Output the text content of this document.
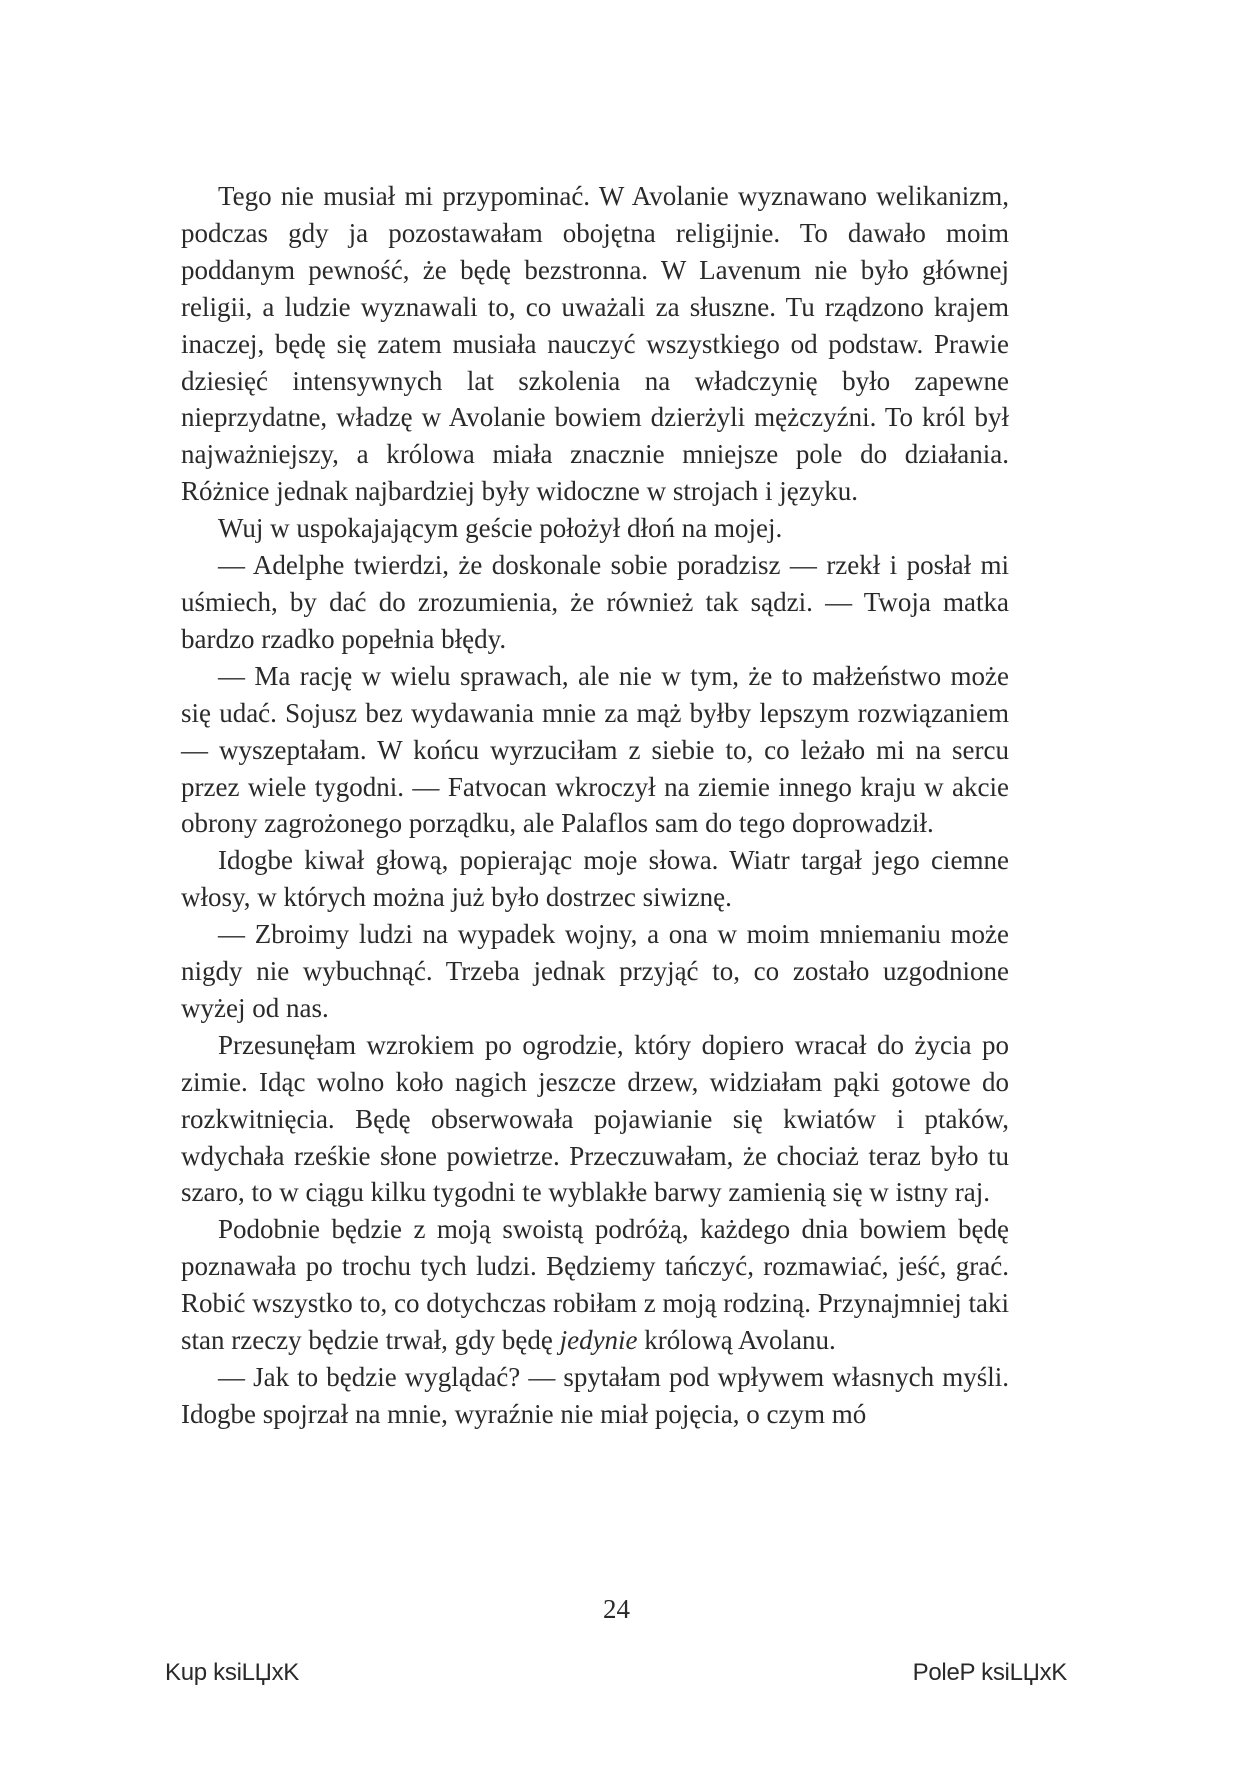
Tego nie musiał mi przypominać. W Avolanie wyznawano welikanizm, podczas gdy ja pozostawałam obojętna religijnie. To dawało moim poddanym pewność, że będę bezstronna. W Lavenum nie było głównej religii, a ludzie wyznawali to, co uważali za słuszne. Tu rządzono krajem inaczej, będę się zatem musiała nauczyć wszystkiego od podstaw. Prawie dziesięć intensywnych lat szkolenia na władczynię było zapewne nieprzydatne, władzę w Avolanie bowiem dzierżyli mężczyźni. To król był najważniejszy, a królowa miała znacznie mniejsze pole do działania. Różnice jednak najbardziej były widoczne w strojach i języku.

Wuj w uspokajającym geście położył dłoń na mojej.

— Adelphe twierdzi, że doskonale sobie poradzisz — rzekł i posłał mi uśmiech, by dać do zrozumienia, że również tak sądzi. — Twoja matka bardzo rzadko popełnia błędy.

— Ma rację w wielu sprawach, ale nie w tym, że to małżeństwo może się udać. Sojusz bez wydawania mnie za mąż byłby lepszym rozwiązaniem — wyszeptałam. W końcu wyrzuciłam z siebie to, co leżało mi na sercu przez wiele tygodni. — Fatvocan wkroczył na ziemie innego kraju w akcie obrony zagrożonego porządku, ale Palaflos sam do tego doprowadził.

Idogbe kiwał głową, popierając moje słowa. Wiatr targał jego ciemne włosy, w których można już było dostrzec siwiznę.

— Zbroimy ludzi na wypadek wojny, a ona w moim mniemaniu może nigdy nie wybuchnąć. Trzeba jednak przyjąć to, co zostało uzgodnione wyżej od nas.

Przesunęłam wzrokiem po ogrodzie, który dopiero wracał do życia po zimie. Idąc wolno koło nagich jeszcze drzew, widziałam pąki gotowe do rozkwitnięcia. Będę obserwowała pojawianie się kwiatów i ptaków, wdychała rześkie słone powietrze. Przeczuwałam, że chociaż teraz było tu szaro, to w ciągu kilku tygodni te wyblakłe barwy zamienią się w istny raj.

Podobnie będzie z moją swoistą podróżą, każdego dnia bowiem będę poznawała po trochu tych ludzi. Będziemy tańczyć, rozmawiać, jeść, grać. Robić wszystko to, co dotychczas robiłam z moją rodziną. Przynajmniej taki stan rzeczy będzie trwał, gdy będę jedynie królową Avolanu.

— Jak to będzie wyglądać? — spytałam pod wpływem własnych myśli. Idogbe spojrzał na mnie, wyraźnie nie miał pojęcia, o czym mó

24
Kup ksiLЏxK	PoleP ksiLЏxK
